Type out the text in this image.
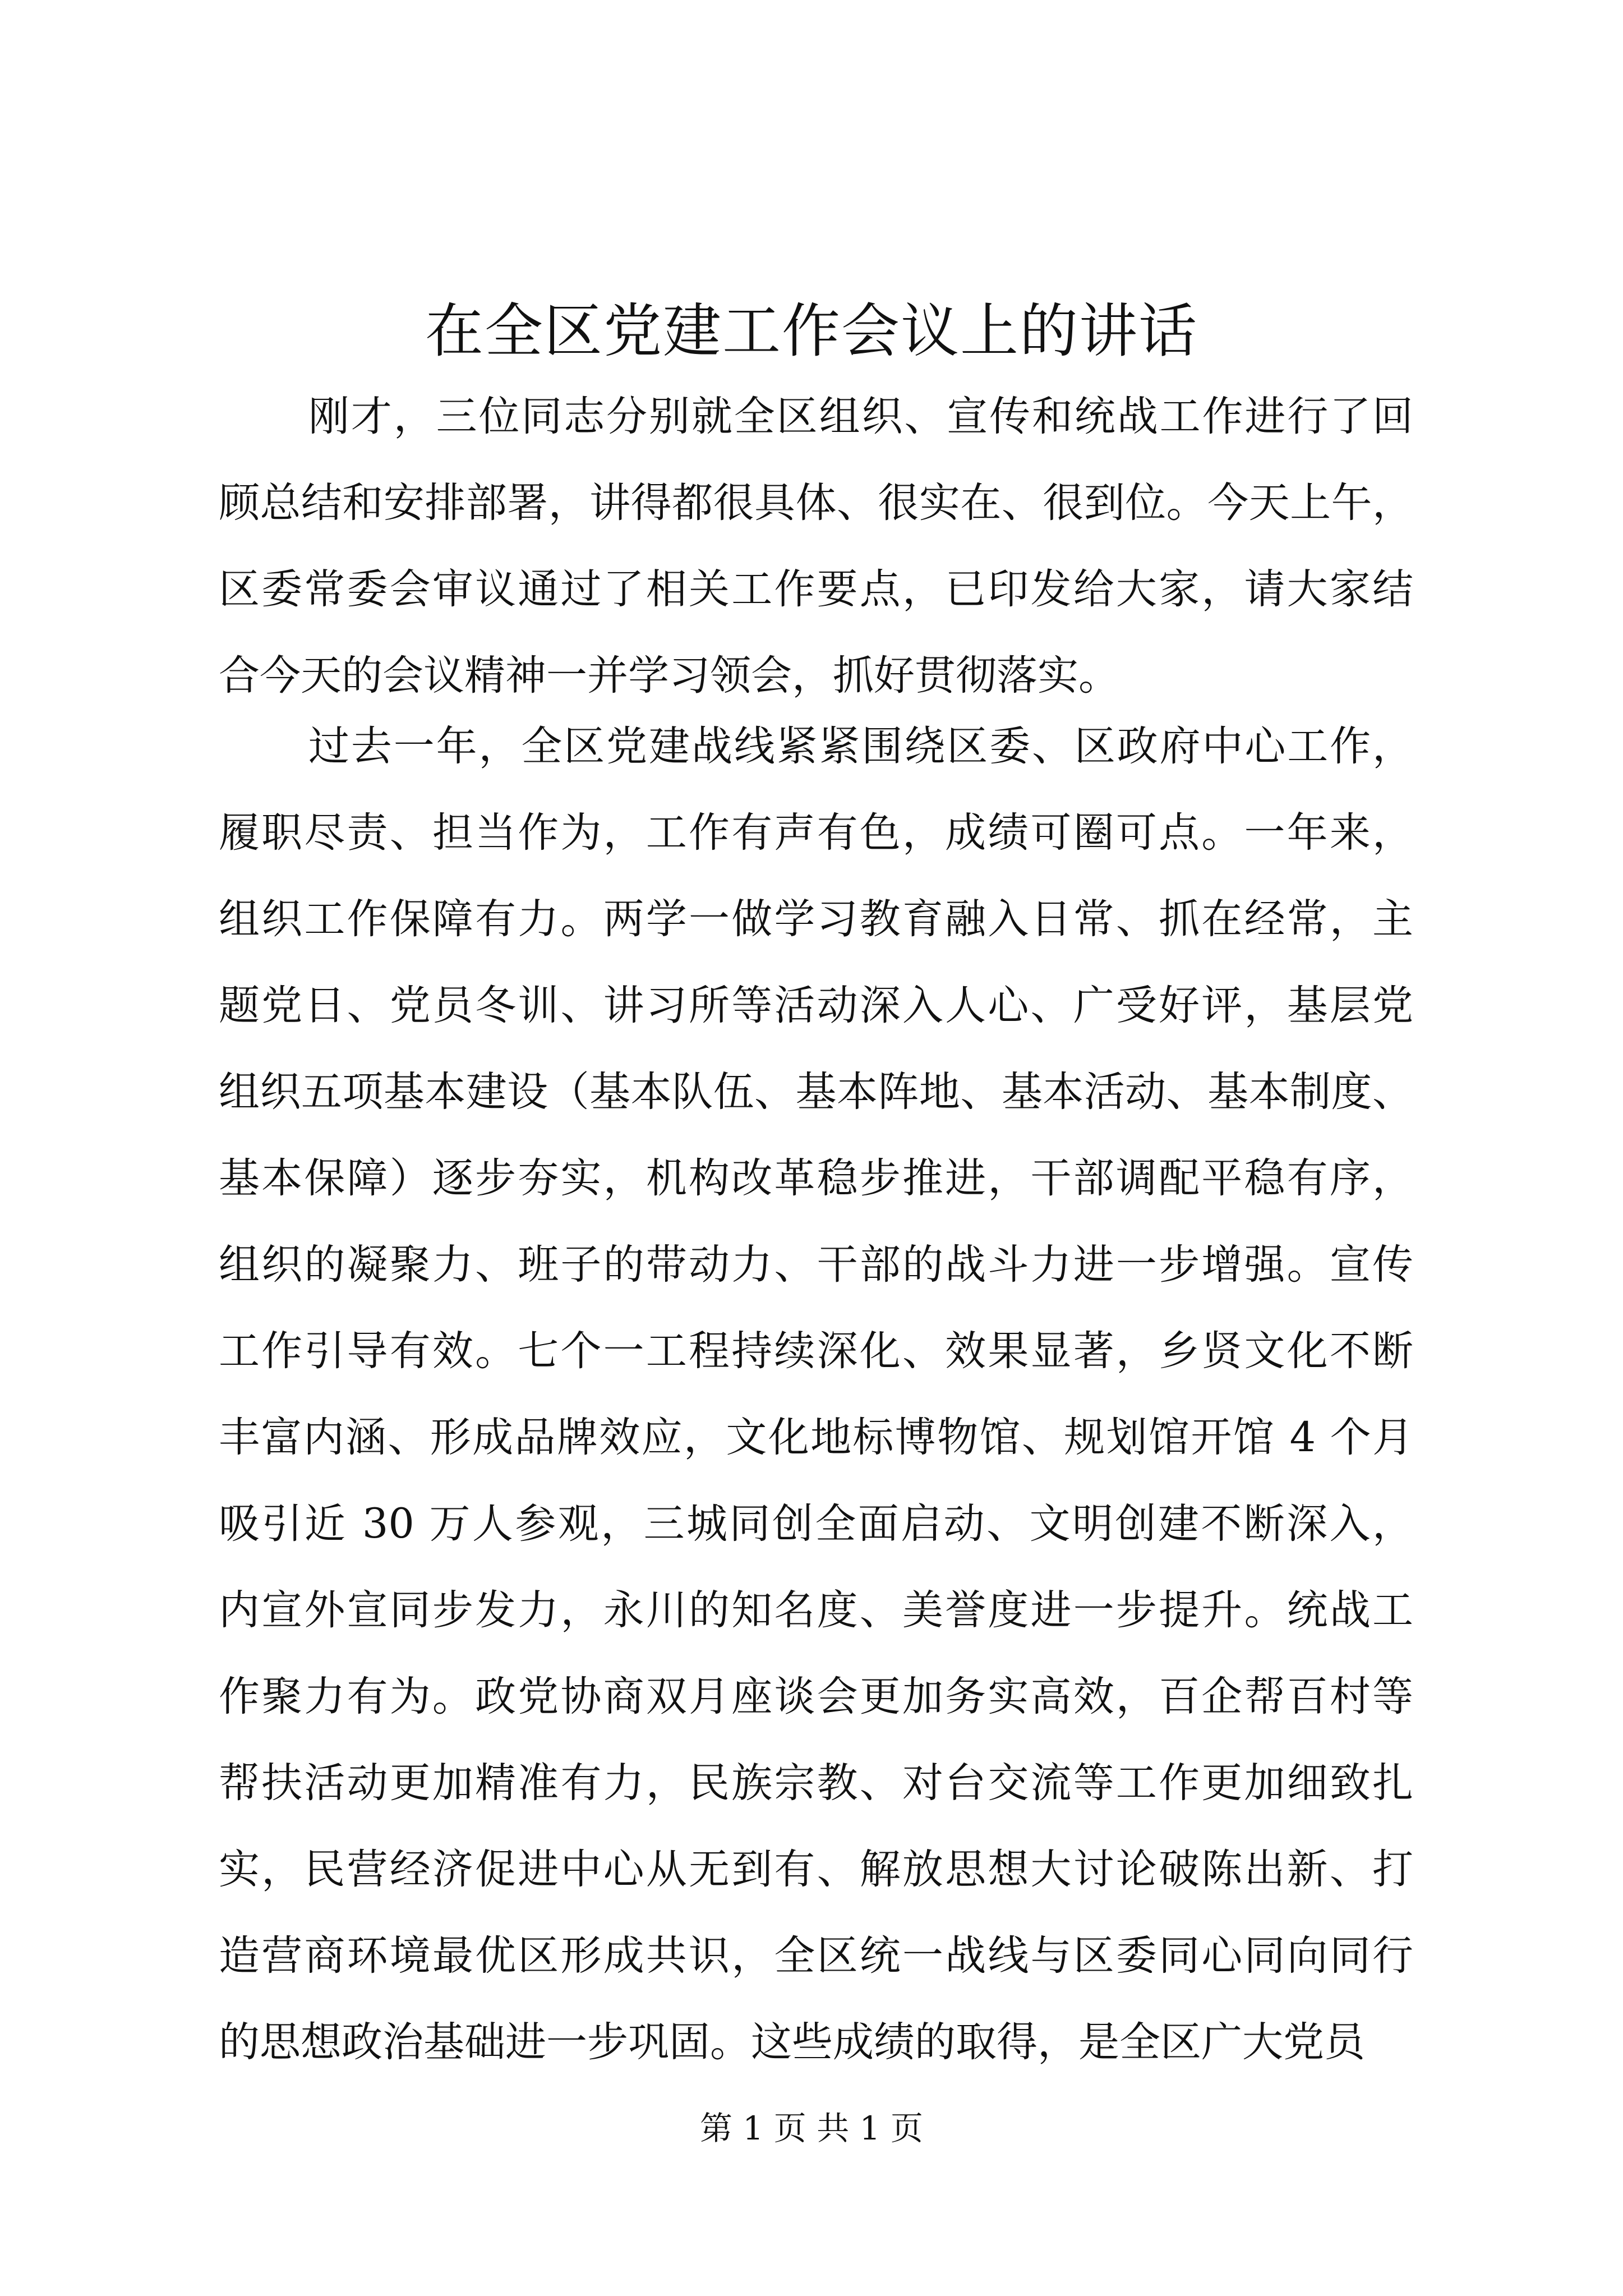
在全区党建工作会议上的讲话
刚才，三位同志分别就全区组织、宣传和统战工作进行了回
顾总结和安排部署，讲得都很具体、很实在、很到位。今天上午，
区委常委会审议通过了相关工作要点，已印发给大家，请大家结
合今天的会议精神一并学习领会，抓好贯彻落实。
过去一年，全区党建战线紧紧围绕区委、区政府中心工作，
履职尽责、担当作为，工作有声有色，成绩可圈可点。一年来，
组织工作保障有力。两学一做学习教育融入日常、抓在经常，主
题党日、党员冬训、讲习所等活动深入人心、广受好评，基层党
组织五项基本建设（基本队伍、基本阵地、基本活动、基本制度、
基本保障）逐步夯实，机构改革稳步推进，干部调配平稳有序，
组织的凝聚力、班子的带动力、干部的战斗力进一步增强。宣传
工作引导有效。七个一工程持续深化、效果显著，乡贤文化不断
丰富内涵、形成品牌效应，文化地标博物馆、规划馆开馆 4 个月
吸引近 30 万人参观，三城同创全面启动、文明创建不断深入，
内宣外宣同步发力，永川的知名度、美誉度进一步提升。统战工
作聚力有为。政党协商双月座谈会更加务实高效，百企帮百村等
帮扶活动更加精准有力，民族宗教、对台交流等工作更加细致扎
实，民营经济促进中心从无到有、解放思想大讨论破陈出新、打
造营商环境最优区形成共识，全区统一战线与区委同心同向同行
的思想政治基础进一步巩固。这些成绩的取得，是全区广大党员

第 1 页 共 1 页
